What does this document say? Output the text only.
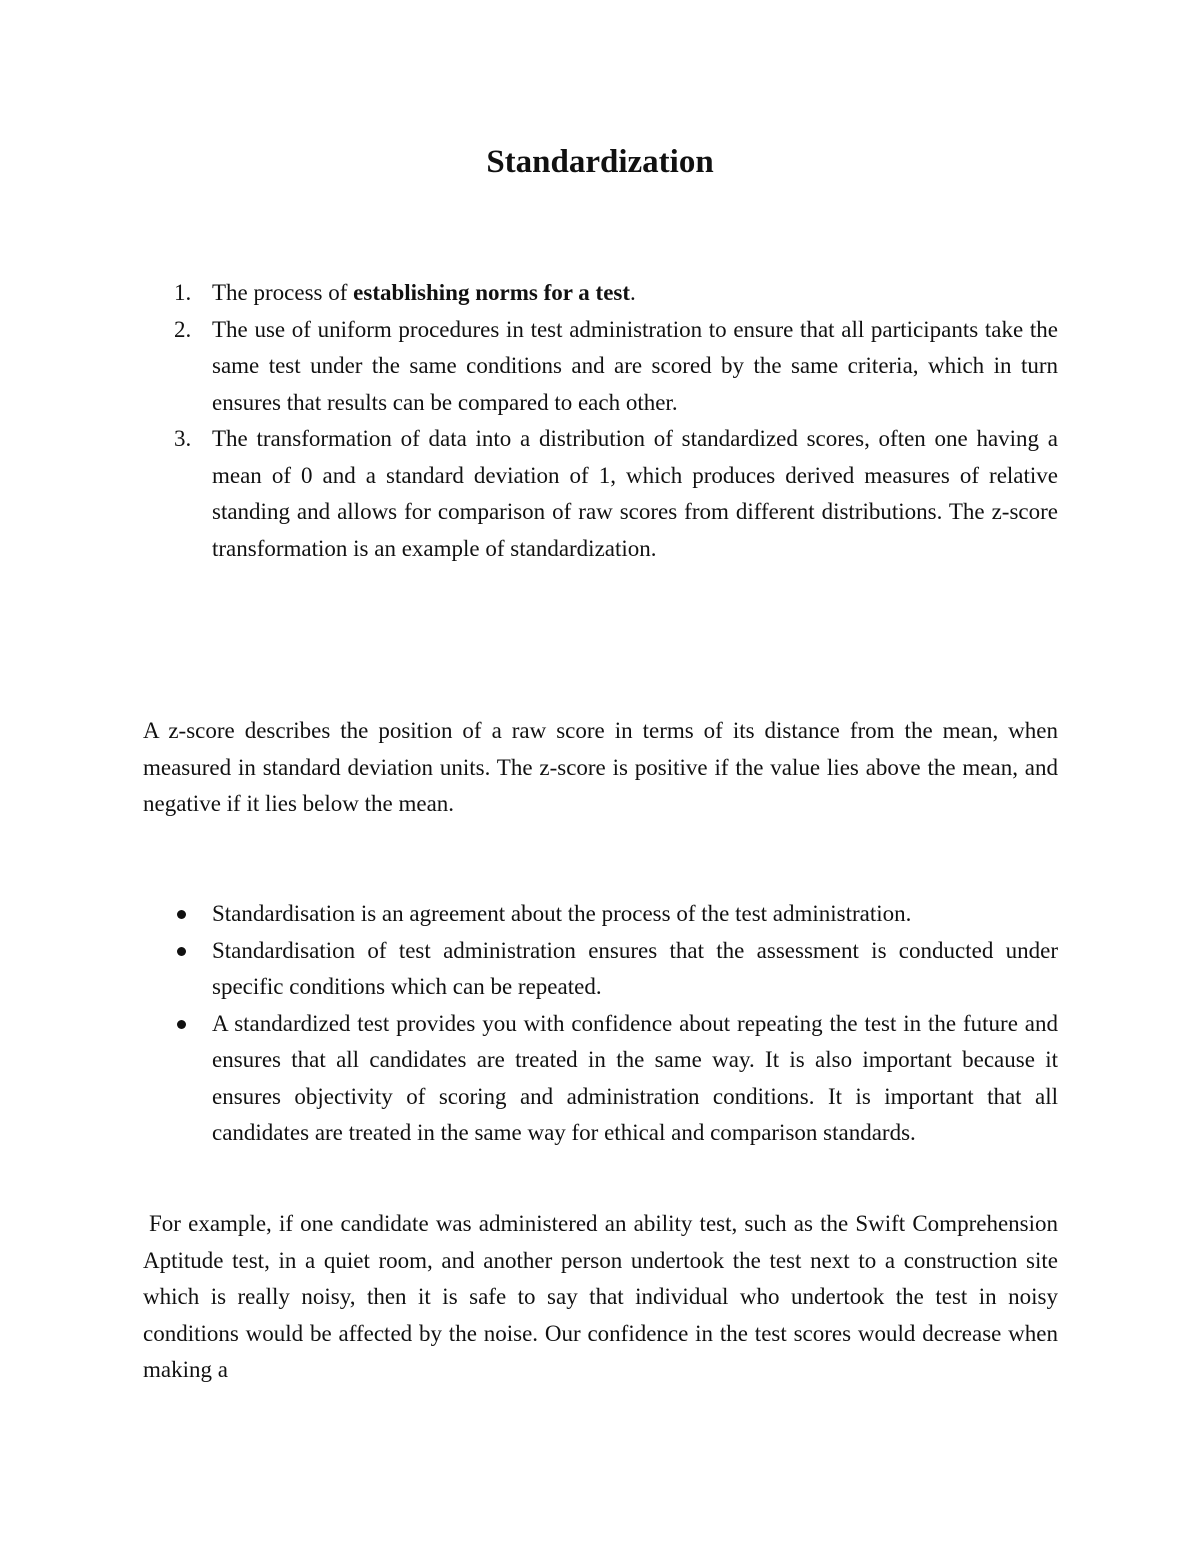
Standardization
1. The process of establishing norms for a test.
2. The use of uniform procedures in test administration to ensure that all participants take the same test under the same conditions and are scored by the same criteria, which in turn ensures that results can be compared to each other.
3. The transformation of data into a distribution of standardized scores, often one having a mean of 0 and a standard deviation of 1, which produces derived measures of relative standing and allows for comparison of raw scores from different distributions. The z-score transformation is an example of standardization.

A z-score describes the position of a raw score in terms of its distance from the mean, when measured in standard deviation units. The z-score is positive if the value lies above the mean, and negative if it lies below the mean.

Standardisation is an agreement about the process of the test administration.
Standardisation of test administration ensures that the assessment is conducted under specific conditions which can be repeated.
A standardized test provides you with confidence about repeating the test in the future and ensures that all candidates are treated in the same way. It is also important because it ensures objectivity of scoring and administration conditions. It is important that all candidates are treated in the same way for ethical and comparison standards.

For example, if one candidate was administered an ability test, such as the Swift Comprehension Aptitude test, in a quiet room, and another person undertook the test next to a construction site which is really noisy, then it is safe to say that individual who undertook the test in noisy conditions would be affected by the noise. Our confidence in the test scores would decrease when making a
